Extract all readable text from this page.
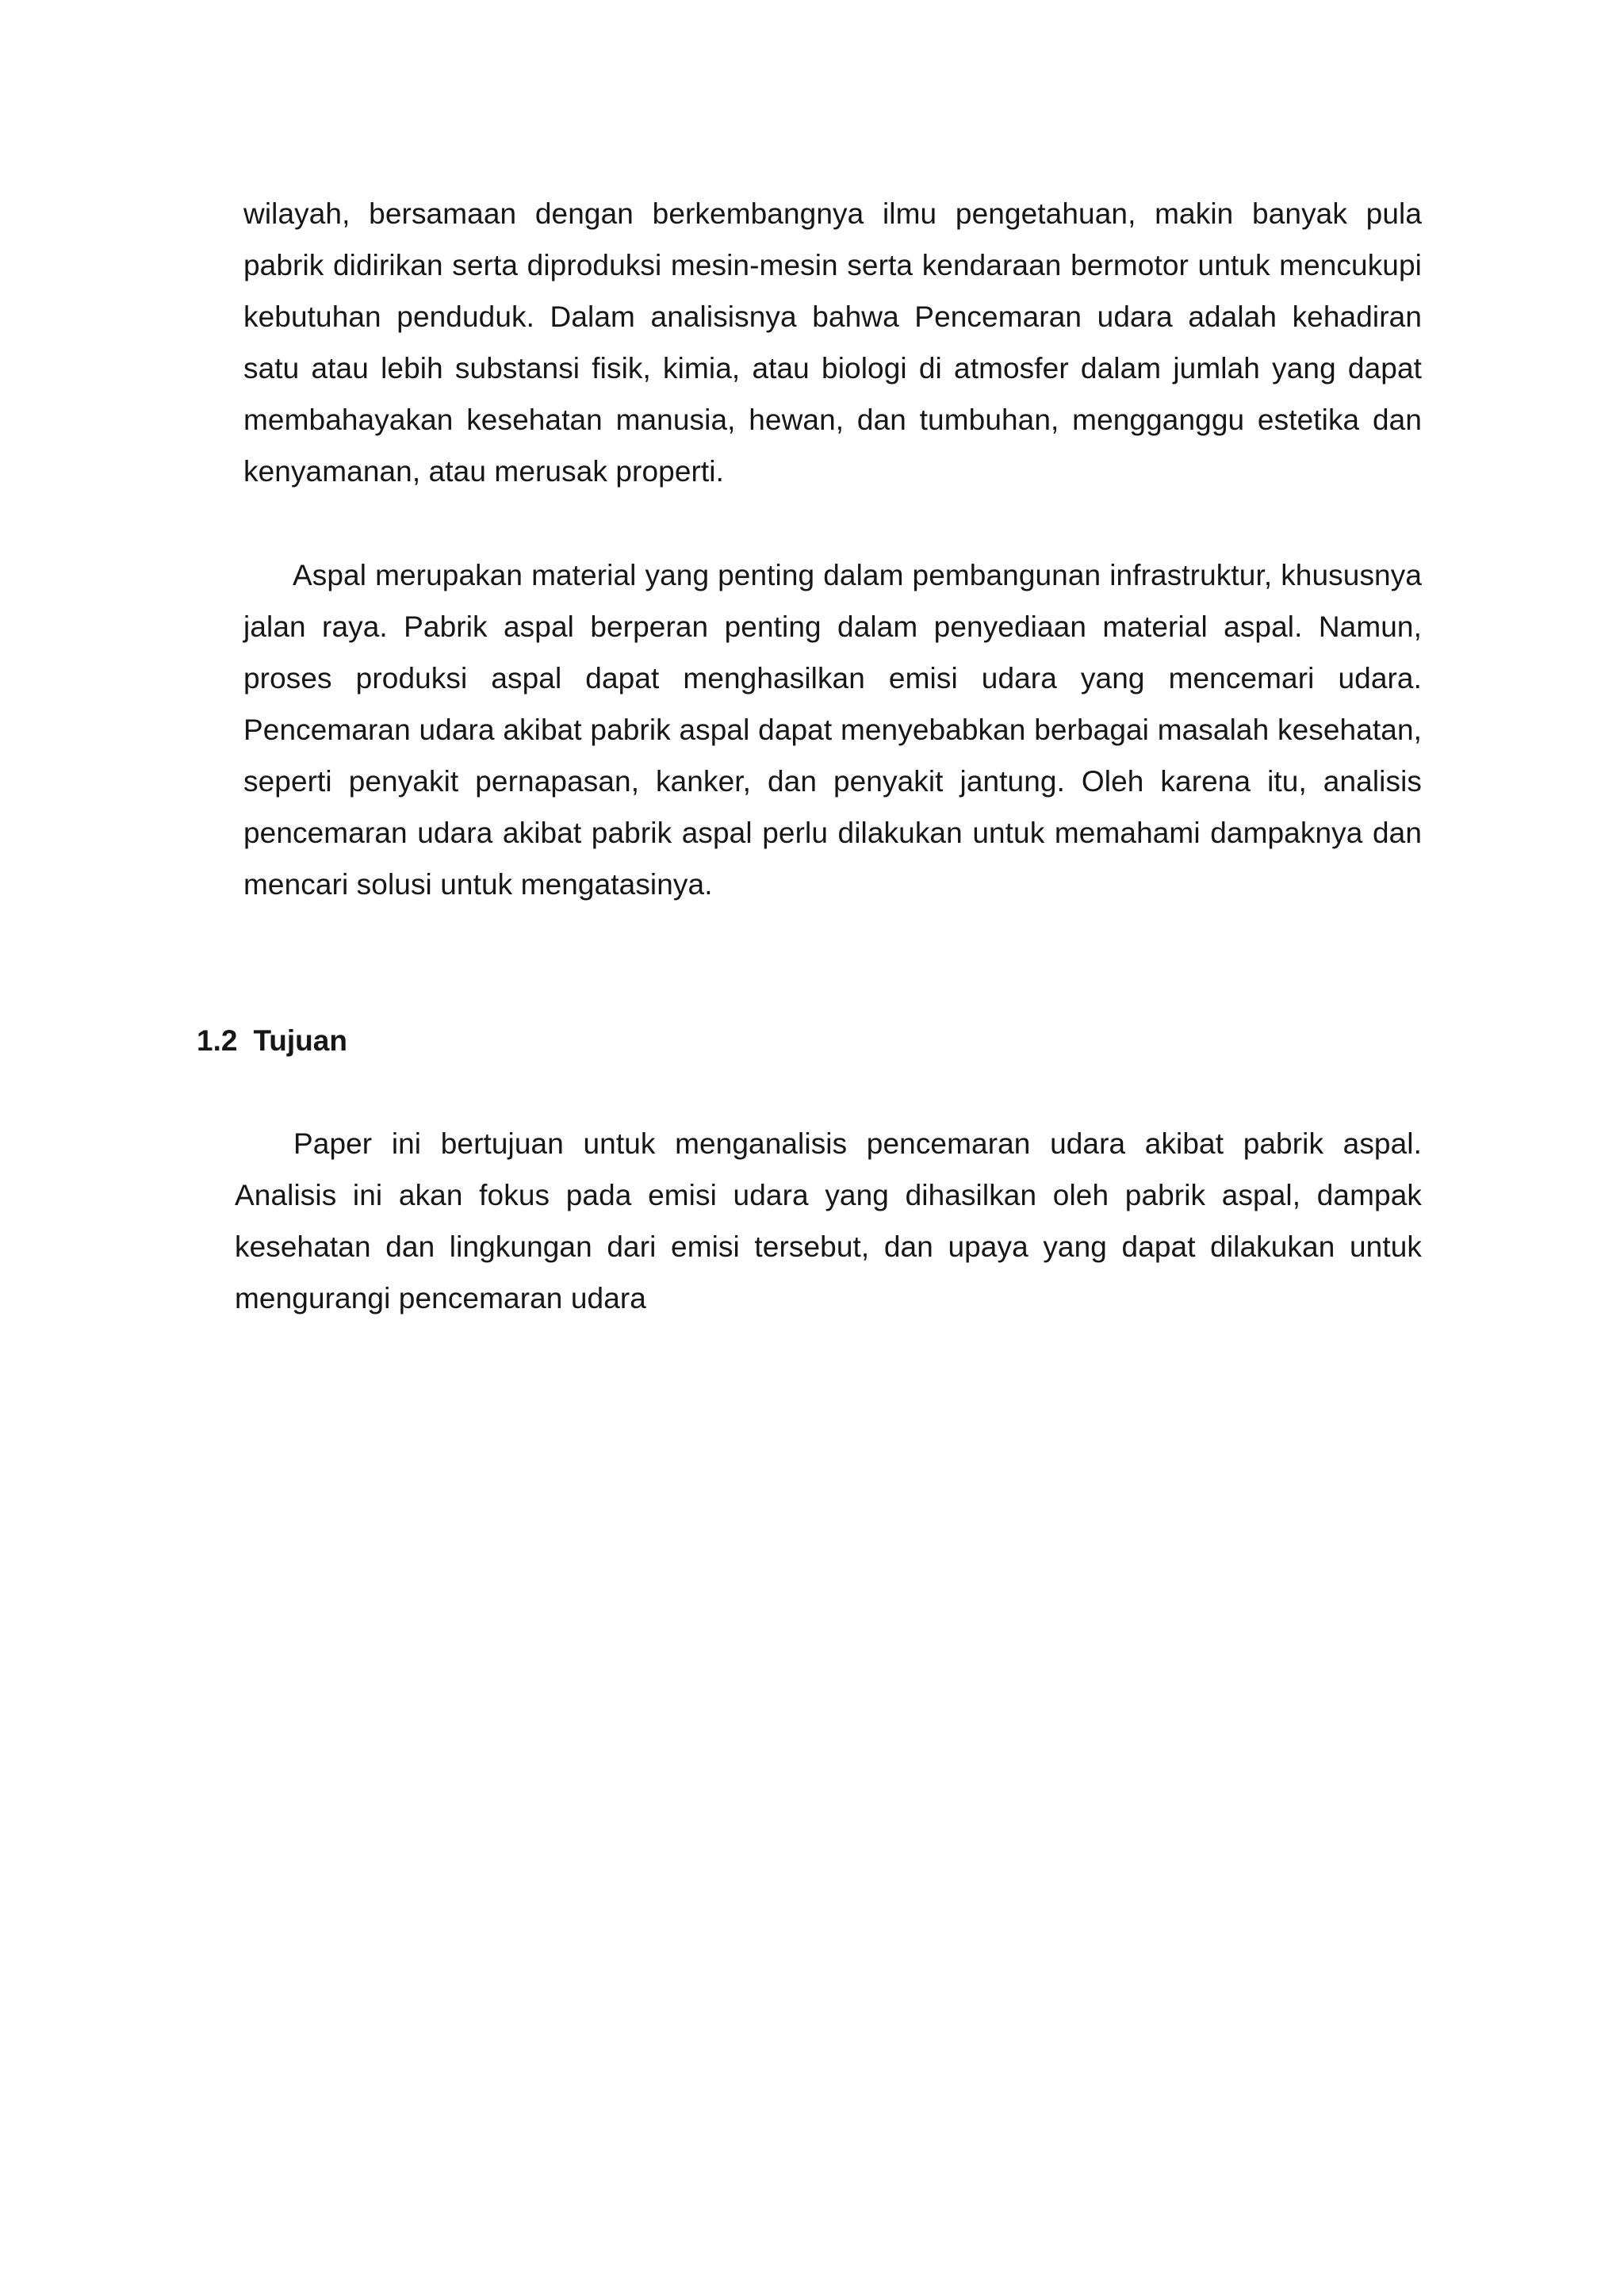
wilayah, bersamaan dengan berkembangnya ilmu pengetahuan, makin banyak pula pabrik didirikan serta diproduksi mesin-mesin serta kendaraan bermotor untuk mencukupi kebutuhan penduduk. Dalam analisisnya bahwa Pencemaran udara adalah kehadiran satu atau lebih substansi fisik, kimia, atau biologi di atmosfer dalam jumlah yang dapat membahayakan kesehatan manusia, hewan, dan tumbuhan, mengganggu estetika dan kenyamanan, atau merusak properti.

Aspal merupakan material yang penting dalam pembangunan infrastruktur, khususnya jalan raya. Pabrik aspal berperan penting dalam penyediaan material aspal. Namun, proses produksi aspal dapat menghasilkan emisi udara yang mencemari udara. Pencemaran udara akibat pabrik aspal dapat menyebabkan berbagai masalah kesehatan, seperti penyakit pernapasan, kanker, dan penyakit jantung. Oleh karena itu, analisis pencemaran udara akibat pabrik aspal perlu dilakukan untuk memahami dampaknya dan mencari solusi untuk mengatasinya.

1.2 Tujuan

Paper ini bertujuan untuk menganalisis pencemaran udara akibat pabrik aspal. Analisis ini akan fokus pada emisi udara yang dihasilkan oleh pabrik aspal, dampak kesehatan dan lingkungan dari emisi tersebut, dan upaya yang dapat dilakukan untuk mengurangi pencemaran udara
